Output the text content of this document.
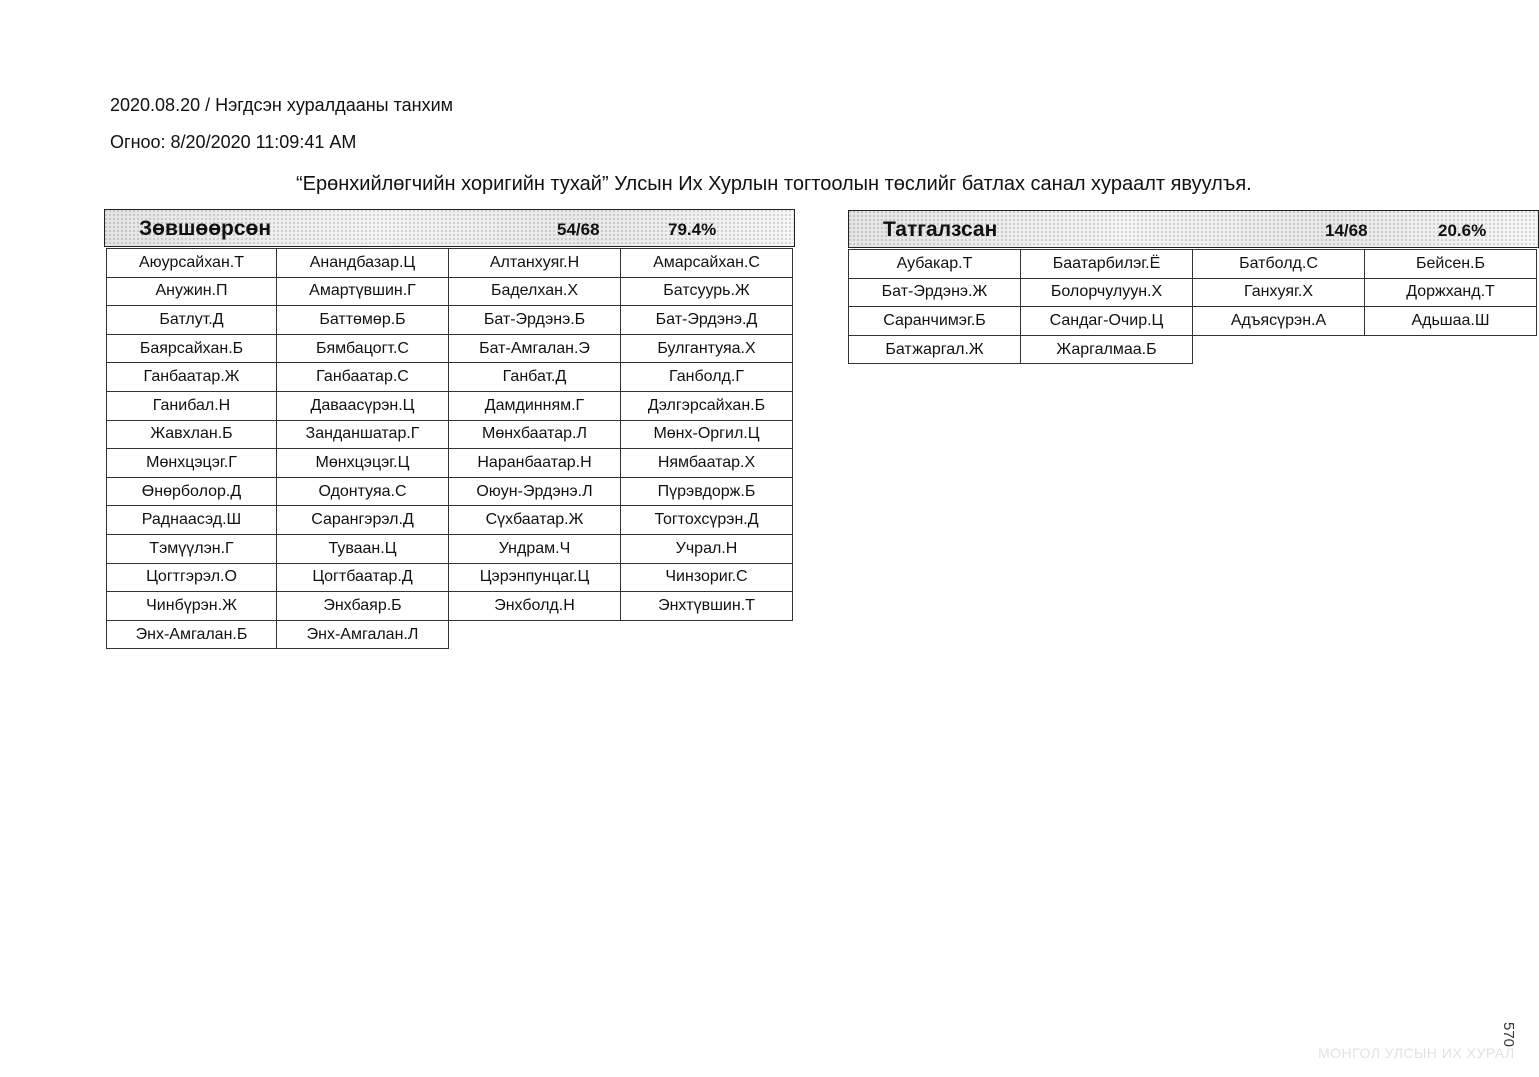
2020.08.20 / Нэгдсэн хуралдааны танхим
Огноо: 8/20/2020 11:09:41 AM
“Ерөнхийлөгчийн хоригийн тухай” Улсын Их Хурлын тогтоолын төслийг батлах санал хураалт явуулъя.
Зөвшөөрсөн	54/68	79.4%
Аюурсайхан.Т	Анандбазар.Ц	Алтанхуяг.Н	Амарсайхан.С
Анужин.П	Амартүвшин.Г	Баделхан.Х	Батсуурь.Ж
Батлут.Д	Баттөмөр.Б	Бат-Эрдэнэ.Б	Бат-Эрдэнэ.Д
Баярсайхан.Б	Бямбацогт.С	Бат-Амгалан.Э	Булгантуяа.Х
Ганбаатар.Ж	Ганбаатар.С	Ганбат.Д	Ганболд.Г
Ганибал.Н	Даваасүрэн.Ц	Дамдинням.Г	Дэлгэрсайхан.Б
Жавхлан.Б	Занданшатар.Г	Мөнхбаатар.Л	Мөнх-Оргил.Ц
Мөнхцэцэг.Г	Мөнхцэцэг.Ц	Наранбаатар.Н	Нямбаатар.Х
Өнөрболор.Д	Одонтуяа.С	Оюун-Эрдэнэ.Л	Пүрэвдорж.Б
Раднаасэд.Ш	Сарангэрэл.Д	Сүхбаатар.Ж	Тогтохсүрэн.Д
Тэмүүлэн.Г	Туваан.Ц	Ундрам.Ч	Учрал.Н
Цогтгэрэл.О	Цогтбаатар.Д	Цэрэнпунцаг.Ц	Чинзориг.С
Чинбүрэн.Ж	Энхбаяр.Б	Энхболд.Н	Энхтүвшин.Т
Энх-Амгалан.Б	Энх-Амгалан.Л
Татгалзсан	14/68	20.6%
Аубакар.Т	Баатарбилэг.Ё	Батболд.С	Бейсен.Б
Бат-Эрдэнэ.Ж	Болорчулуун.Х	Ганхуяг.Х	Доржханд.Т
Саранчимэг.Б	Сандаг-Очир.Ц	Адъясүрэн.А	Адьшаа.Ш
Батжаргал.Ж	Жаргалмаа.Б
МОНГОЛ УЛСЫН ИХ ХУРАЛ
570
